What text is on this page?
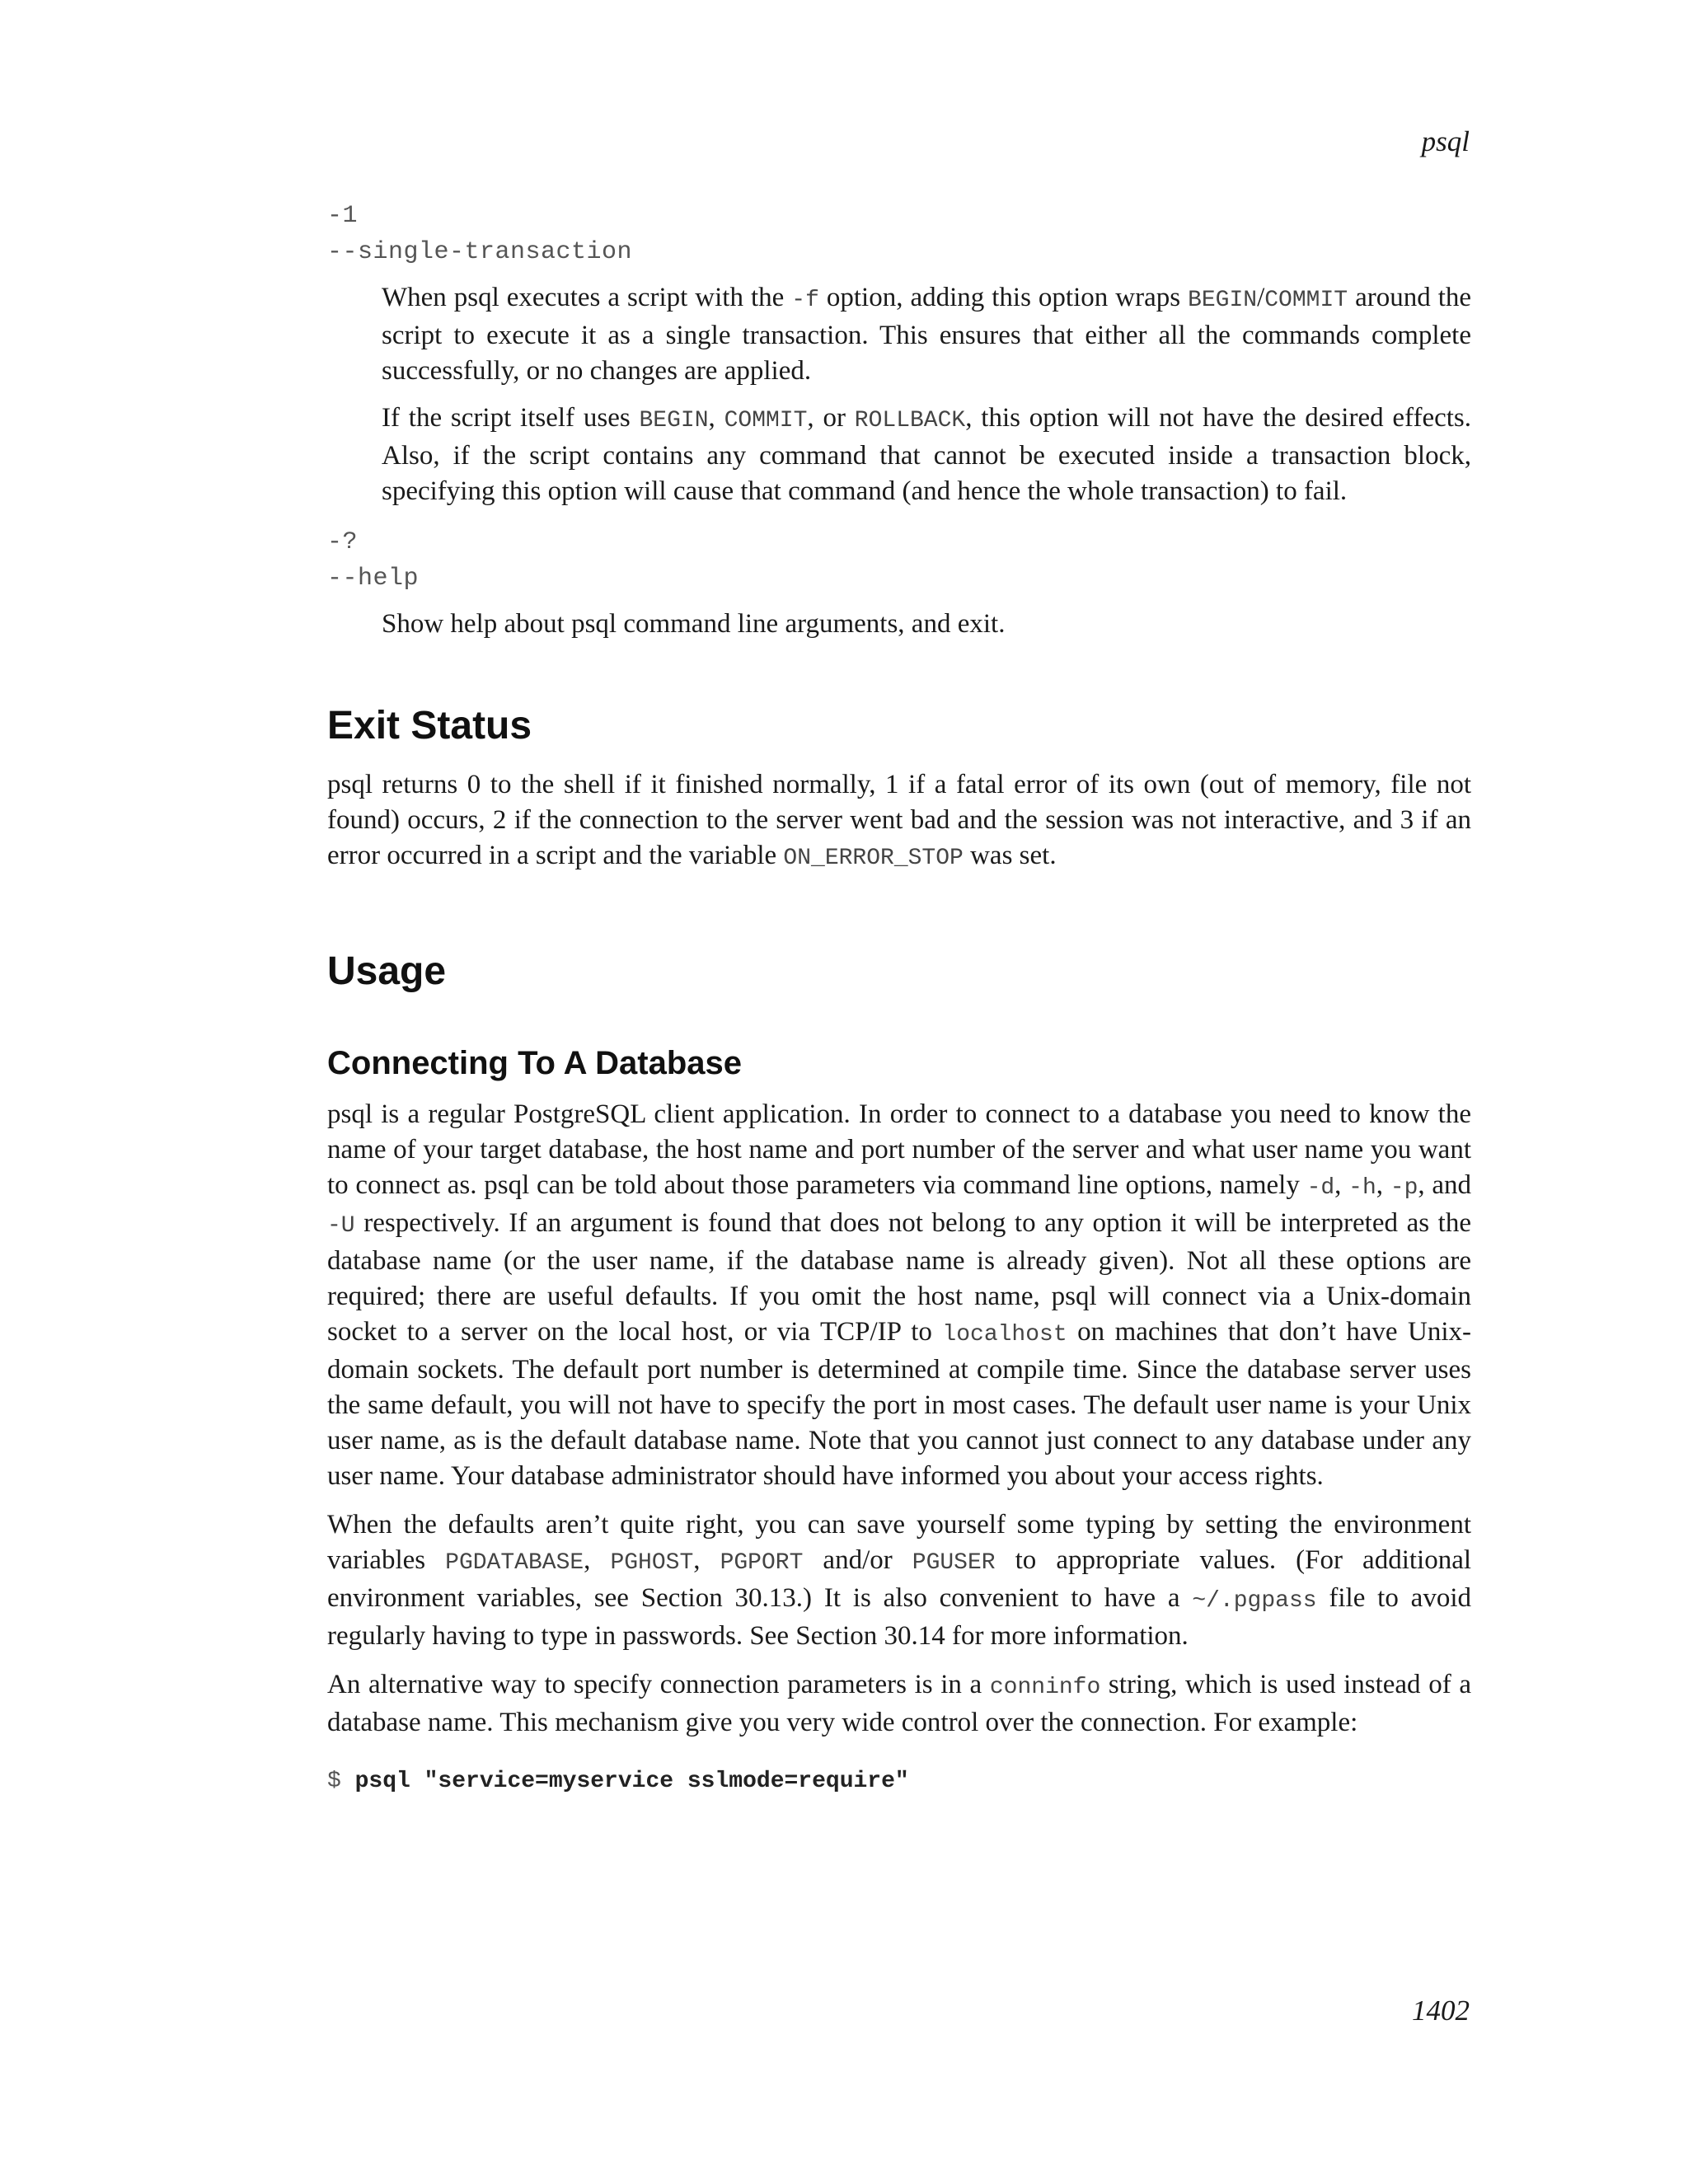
psql
-1
--single-transaction

When psql executes a script with the -f option, adding this option wraps BEGIN/COMMIT around the script to execute it as a single transaction. This ensures that either all the commands complete successfully, or no changes are applied.

If the script itself uses BEGIN, COMMIT, or ROLLBACK, this option will not have the desired effects. Also, if the script contains any command that cannot be executed inside a transaction block, specifying this option will cause that command (and hence the whole transaction) to fail.

-?
--help

Show help about psql command line arguments, and exit.

Exit Status

psql returns 0 to the shell if it finished normally, 1 if a fatal error of its own (out of memory, file not found) occurs, 2 if the connection to the server went bad and the session was not interactive, and 3 if an error occurred in a script and the variable ON_ERROR_STOP was set.

Usage
Connecting To A Database

psql is a regular PostgreSQL client application. In order to connect to a database you need to know the name of your target database, the host name and port number of the server and what user name you want to connect as. psql can be told about those parameters via command line options, namely -d, -h, -p, and -U respectively. If an argument is found that does not belong to any option it will be interpreted as the database name (or the user name, if the database name is already given). Not all these options are required; there are useful defaults. If you omit the host name, psql will connect via a Unix-domain socket to a server on the local host, or via TCP/IP to localhost on machines that don’t have Unix-domain sockets. The default port number is determined at compile time. Since the database server uses the same default, you will not have to specify the port in most cases. The default user name is your Unix user name, as is the default database name. Note that you cannot just connect to any database under any user name. Your database administrator should have informed you about your access rights.

When the defaults aren’t quite right, you can save yourself some typing by setting the environment variables PGDATABASE, PGHOST, PGPORT and/or PGUSER to appropriate values. (For additional environment variables, see Section 30.13.) It is also convenient to have a ~/.pgpass file to avoid regularly having to type in passwords. See Section 30.14 for more information.

An alternative way to specify connection parameters is in a conninfo string, which is used instead of a database name. This mechanism give you very wide control over the connection. For example:

$ psql "service=myservice sslmode=require"
1402
